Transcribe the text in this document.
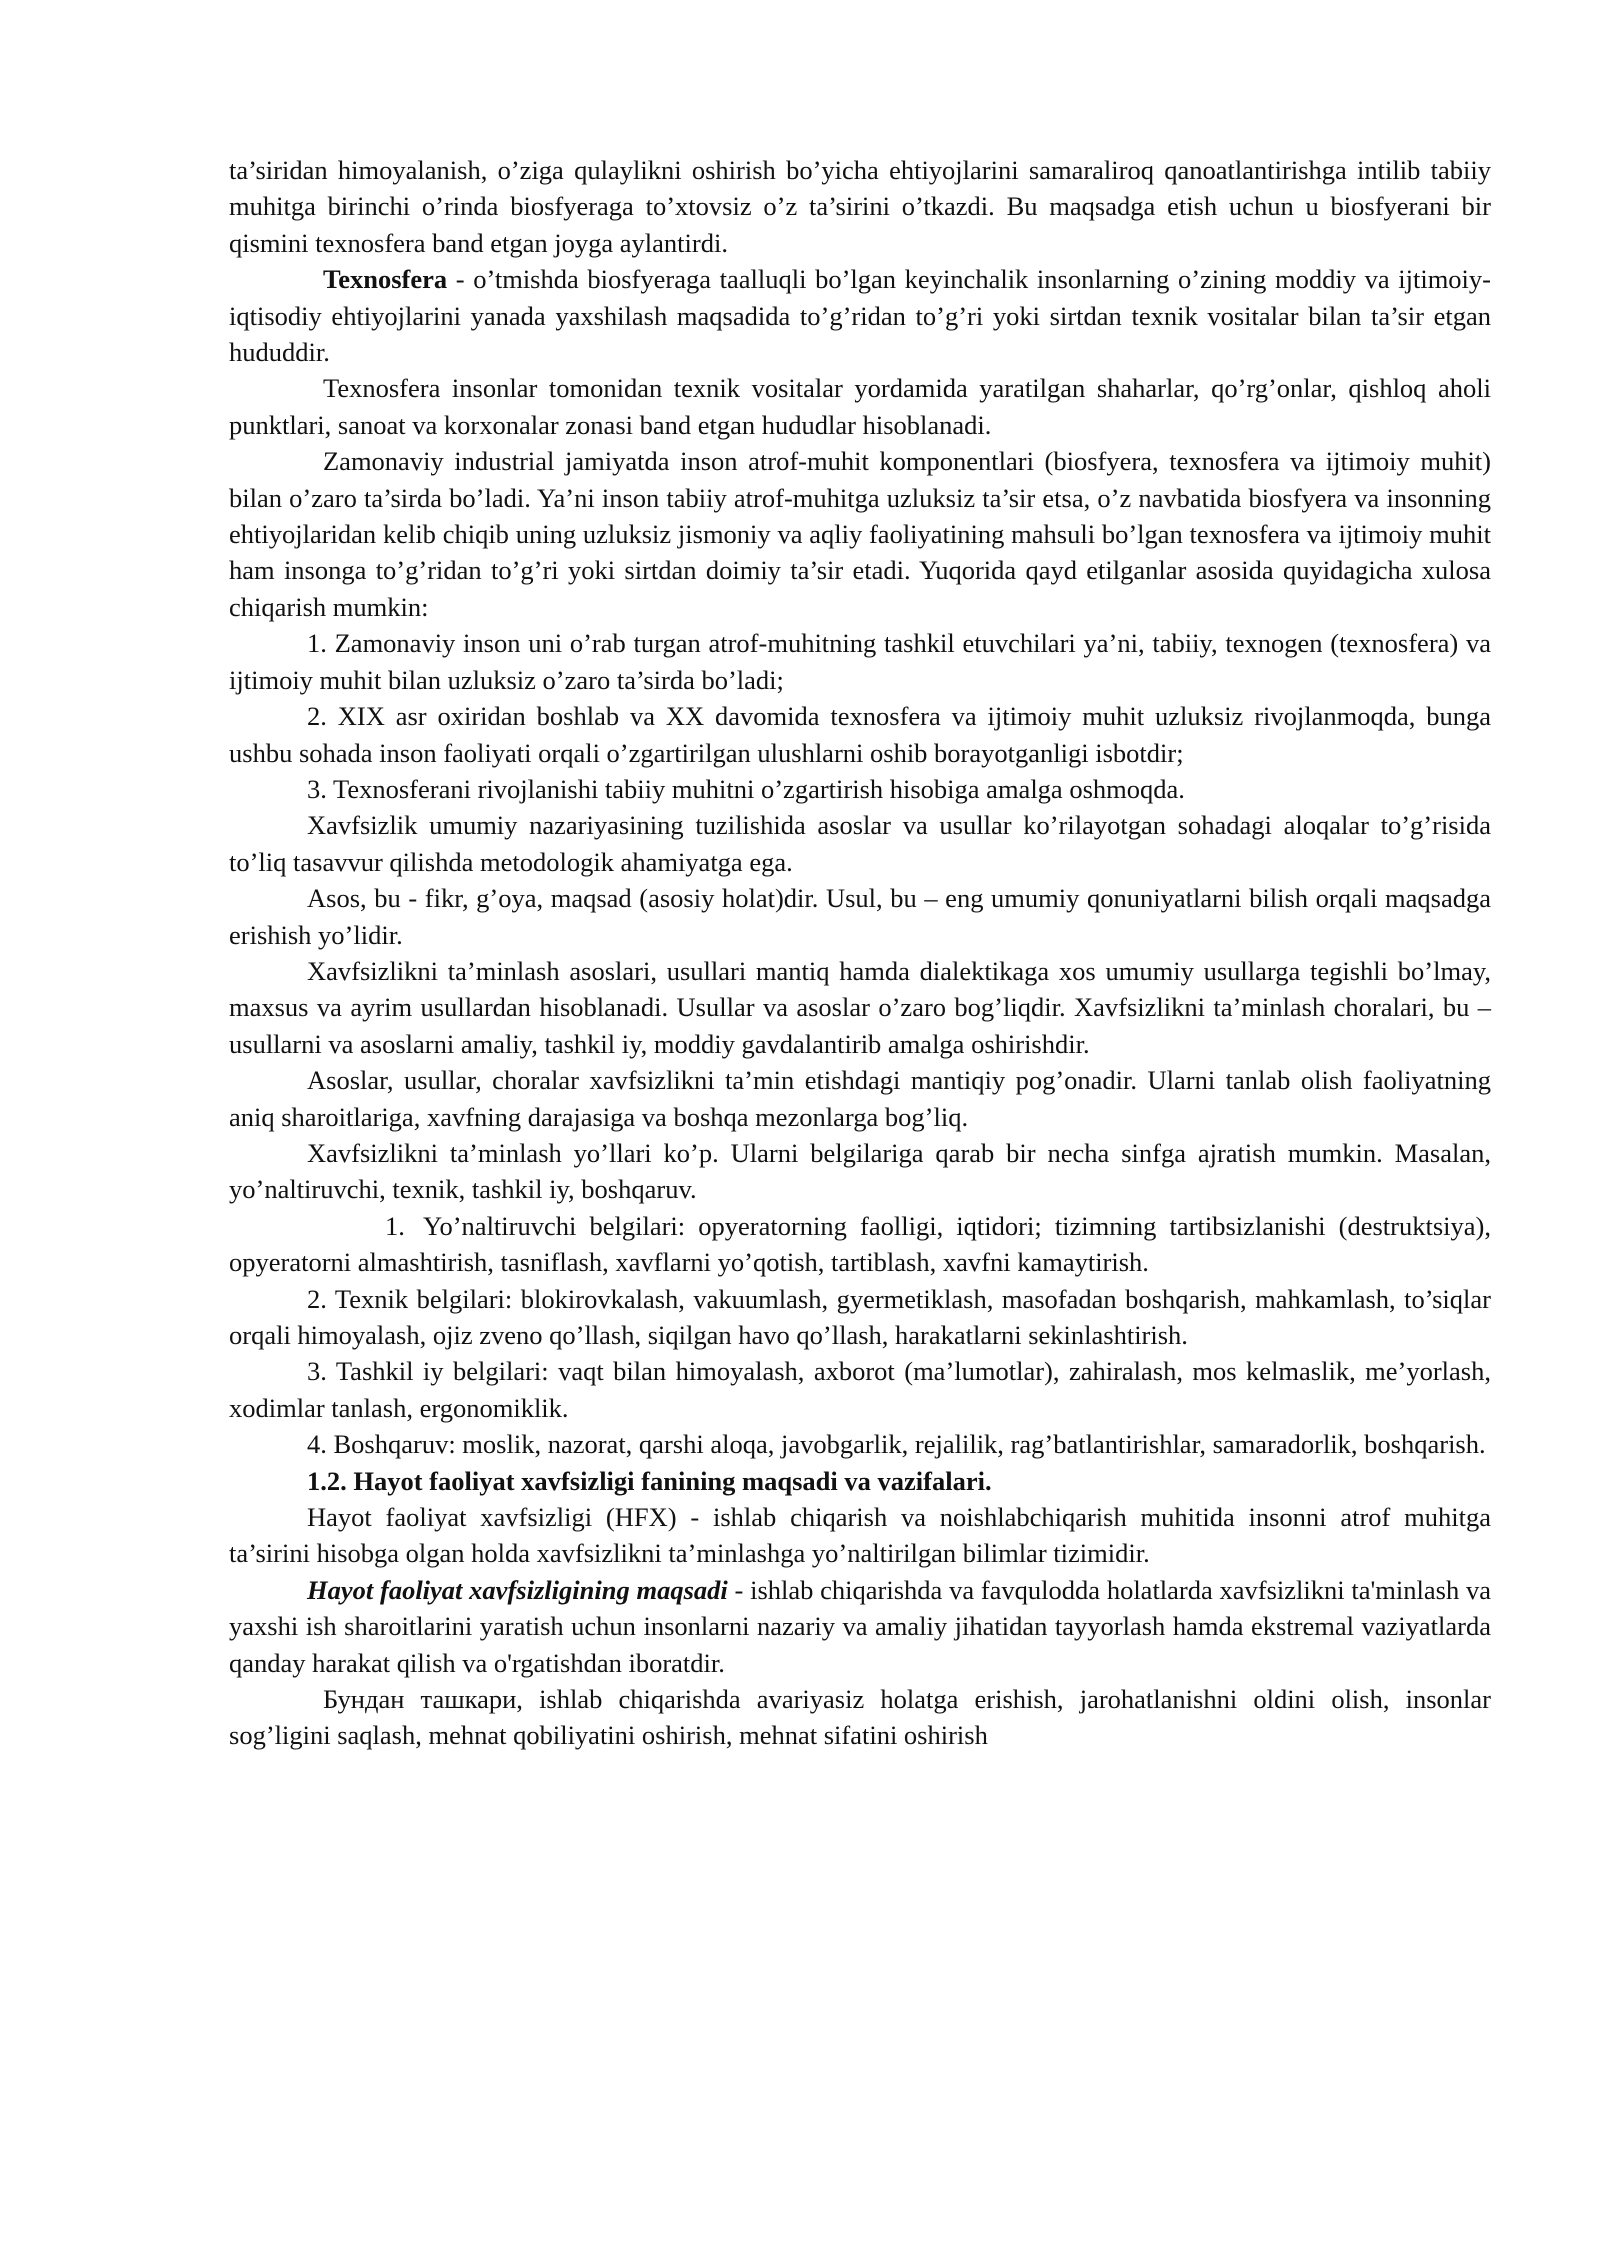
ta’siridan himoyalanish, o’ziga qulaylikni oshirish bo’yicha ehtiyojlarini samaraliroq qanoatlantirishga intilib tabiiy muhitga birinchi o’rinda biosfyeraga to’xtovsiz o’z ta’sirini o’tkazdi. Bu maqsadga etish uchun u biosfyerani bir qismini texnosfera band etgan joyga aylantirdi.

Texnosfera - o’tmishda biosfyeraga taalluqli bo’lgan keyinchalik insonlarning o’zining moddiy va ijtimoiy-iqtisodiy ehtiyojlarini yanada yaxshilash maqsadida to’g’ridan to’g’ri yoki sirtdan texnik vositalar bilan ta’sir etgan hududdir.

Texnosfera insonlar tomonidan texnik vositalar yordamida yaratilgan shaharlar, qo’rg’onlar, qishloq aholi punktlari, sanoat va korxonalar zonasi band etgan hududlar hisoblanadi.

Zamonaviy industrial jamiyatda inson atrof-muhit komponentlari (biosfyera, texnosfera va ijtimoiy muhit) bilan o’zaro ta’sirda bo’ladi. Ya’ni inson tabiiy atrof-muhitga uzluksiz ta’sir etsa, o’z navbatida biosfyera va insonning ehtiyojlaridan kelib chiqib uning uzluksiz jismoniy va aqliy faoliyatining mahsuli bo’lgan texnosfera va ijtimoiy muhit ham insonga to’g’ridan to’g’ri yoki sirtdan doimiy ta’sir etadi. Yuqorida qayd etilganlar asosida quyidagicha xulosa chiqarish mumkin:

1. Zamonaviy inson uni o’rab turgan atrof-muhitning tashkil etuvchilari ya’ni, tabiiy, texnogen (texnosfera) va ijtimoiy muhit bilan uzluksiz o’zaro ta’sirda bo’ladi;

2. XIX asr oxiridan boshlab va XX davomida texnosfera va ijtimoiy muhit uzluksiz rivojlanmoqda, bunga ushbu sohada inson faoliyati orqali o’zgartirilgan ulushlarni oshib borayotganligi isbotdir;

3. Texnosferani rivojlanishi tabiiy muhitni o’zgartirish hisobiga amalga oshmoqda.

Xavfsizlik umumiy nazariyasining tuzilishida asoslar va usullar ko’rilayotgan sohadagi aloqalar to’g’risida to’liq tasavvur qilishda metodologik ahamiyatga ega.

Asos, bu - fikr, g’oya, maqsad (asosiy holat)dir. Usul, bu – eng umumiy qonuniyatlarni bilish orqali maqsadga erishish yo’lidir.

Xavfsizlikni ta’minlash asoslari, usullari mantiq hamda dialektikaga xos umumiy usullarga tegishli bo’lmay, maxsus va ayrim usullardan hisoblanadi. Usullar va asoslar o’zaro bog’liqdir. Xavfsizlikni ta’minlash choralari, bu – usullarni va asoslarni amaliy, tashkil iy, moddiy gavdalantirib amalga oshirishdir.

Asoslar, usullar, choralar xavfsizlikni ta’min etishdagi mantiqiy pog’onadir. Ularni tanlab olish faoliyatning aniq sharoitlariga, xavfning darajasiga va boshqa mezonlarga bog’liq.

Xavfsizlikni ta’minlash yo’llari ko’p. Ularni belgilariga qarab bir necha sinfga ajratish mumkin. Masalan, yo’naltiruvchi, texnik, tashkil iy, boshqaruv.

1. Yo’naltiruvchi belgilari: opyeratorning faolligi, iqtidori; tizimning tartibsizlanishi (destruktsiya), opyeratorni almashtirish, tasniflash, xavflarni yo’qotish, tartiblash, xavfni kamaytirish.

2. Texnik belgilari: blokirovkalash, vakuumlash, gyermetiklash, masofadan boshqarish, mahkamlash, to’siqlar orqali himoyalash, ojiz zveno qo’llash, siqilgan havo qo’llash, harakatlarni sekinlashtirish.

3. Tashkil iy belgilari: vaqt bilan himoyalash, axborot (ma’lumotlar), zahiralash, mos kelmaslik, me’yorlash, xodimlar tanlash, ergonomiklik.

4. Boshqaruv: moslik, nazorat, qarshi aloqa, javobgarlik, rejalilik, rag’batlantirishlar, samaradorlik, boshqarish.

1.2. Hayot faoliyat xavfsizligi fanining maqsadi va vazifalari.

Hayot faoliyat xavfsizligi (HFX) - ishlab chiqarish va noishlabchiqarish muhitida insonni atrof muhitga ta’sirini hisobga olgan holda xavfsizlikni ta’minlashga yo’naltirilgan bilimlar tizimidir.

Hayot faoliyat xavfsizligining maqsadi - ishlab chiqarishda va favqulodda holatlarda xavfsizlikni ta'minlash va yaxshi ish sharoitlarini yaratish uchun insonlarni nazariy va amaliy jihatidan tayyorlash hamda ekstremal vaziyatlarda qanday harakat qilish va o'rgatishdan iboratdir.

Бундан ташкари, ishlab chiqarishda avariyasiz holatga erishish, jarohatlanishni oldini olish, insonlar sog’ligini saqlash, mehnat qobiliyatini oshirish, mehnat sifatini oshirish
